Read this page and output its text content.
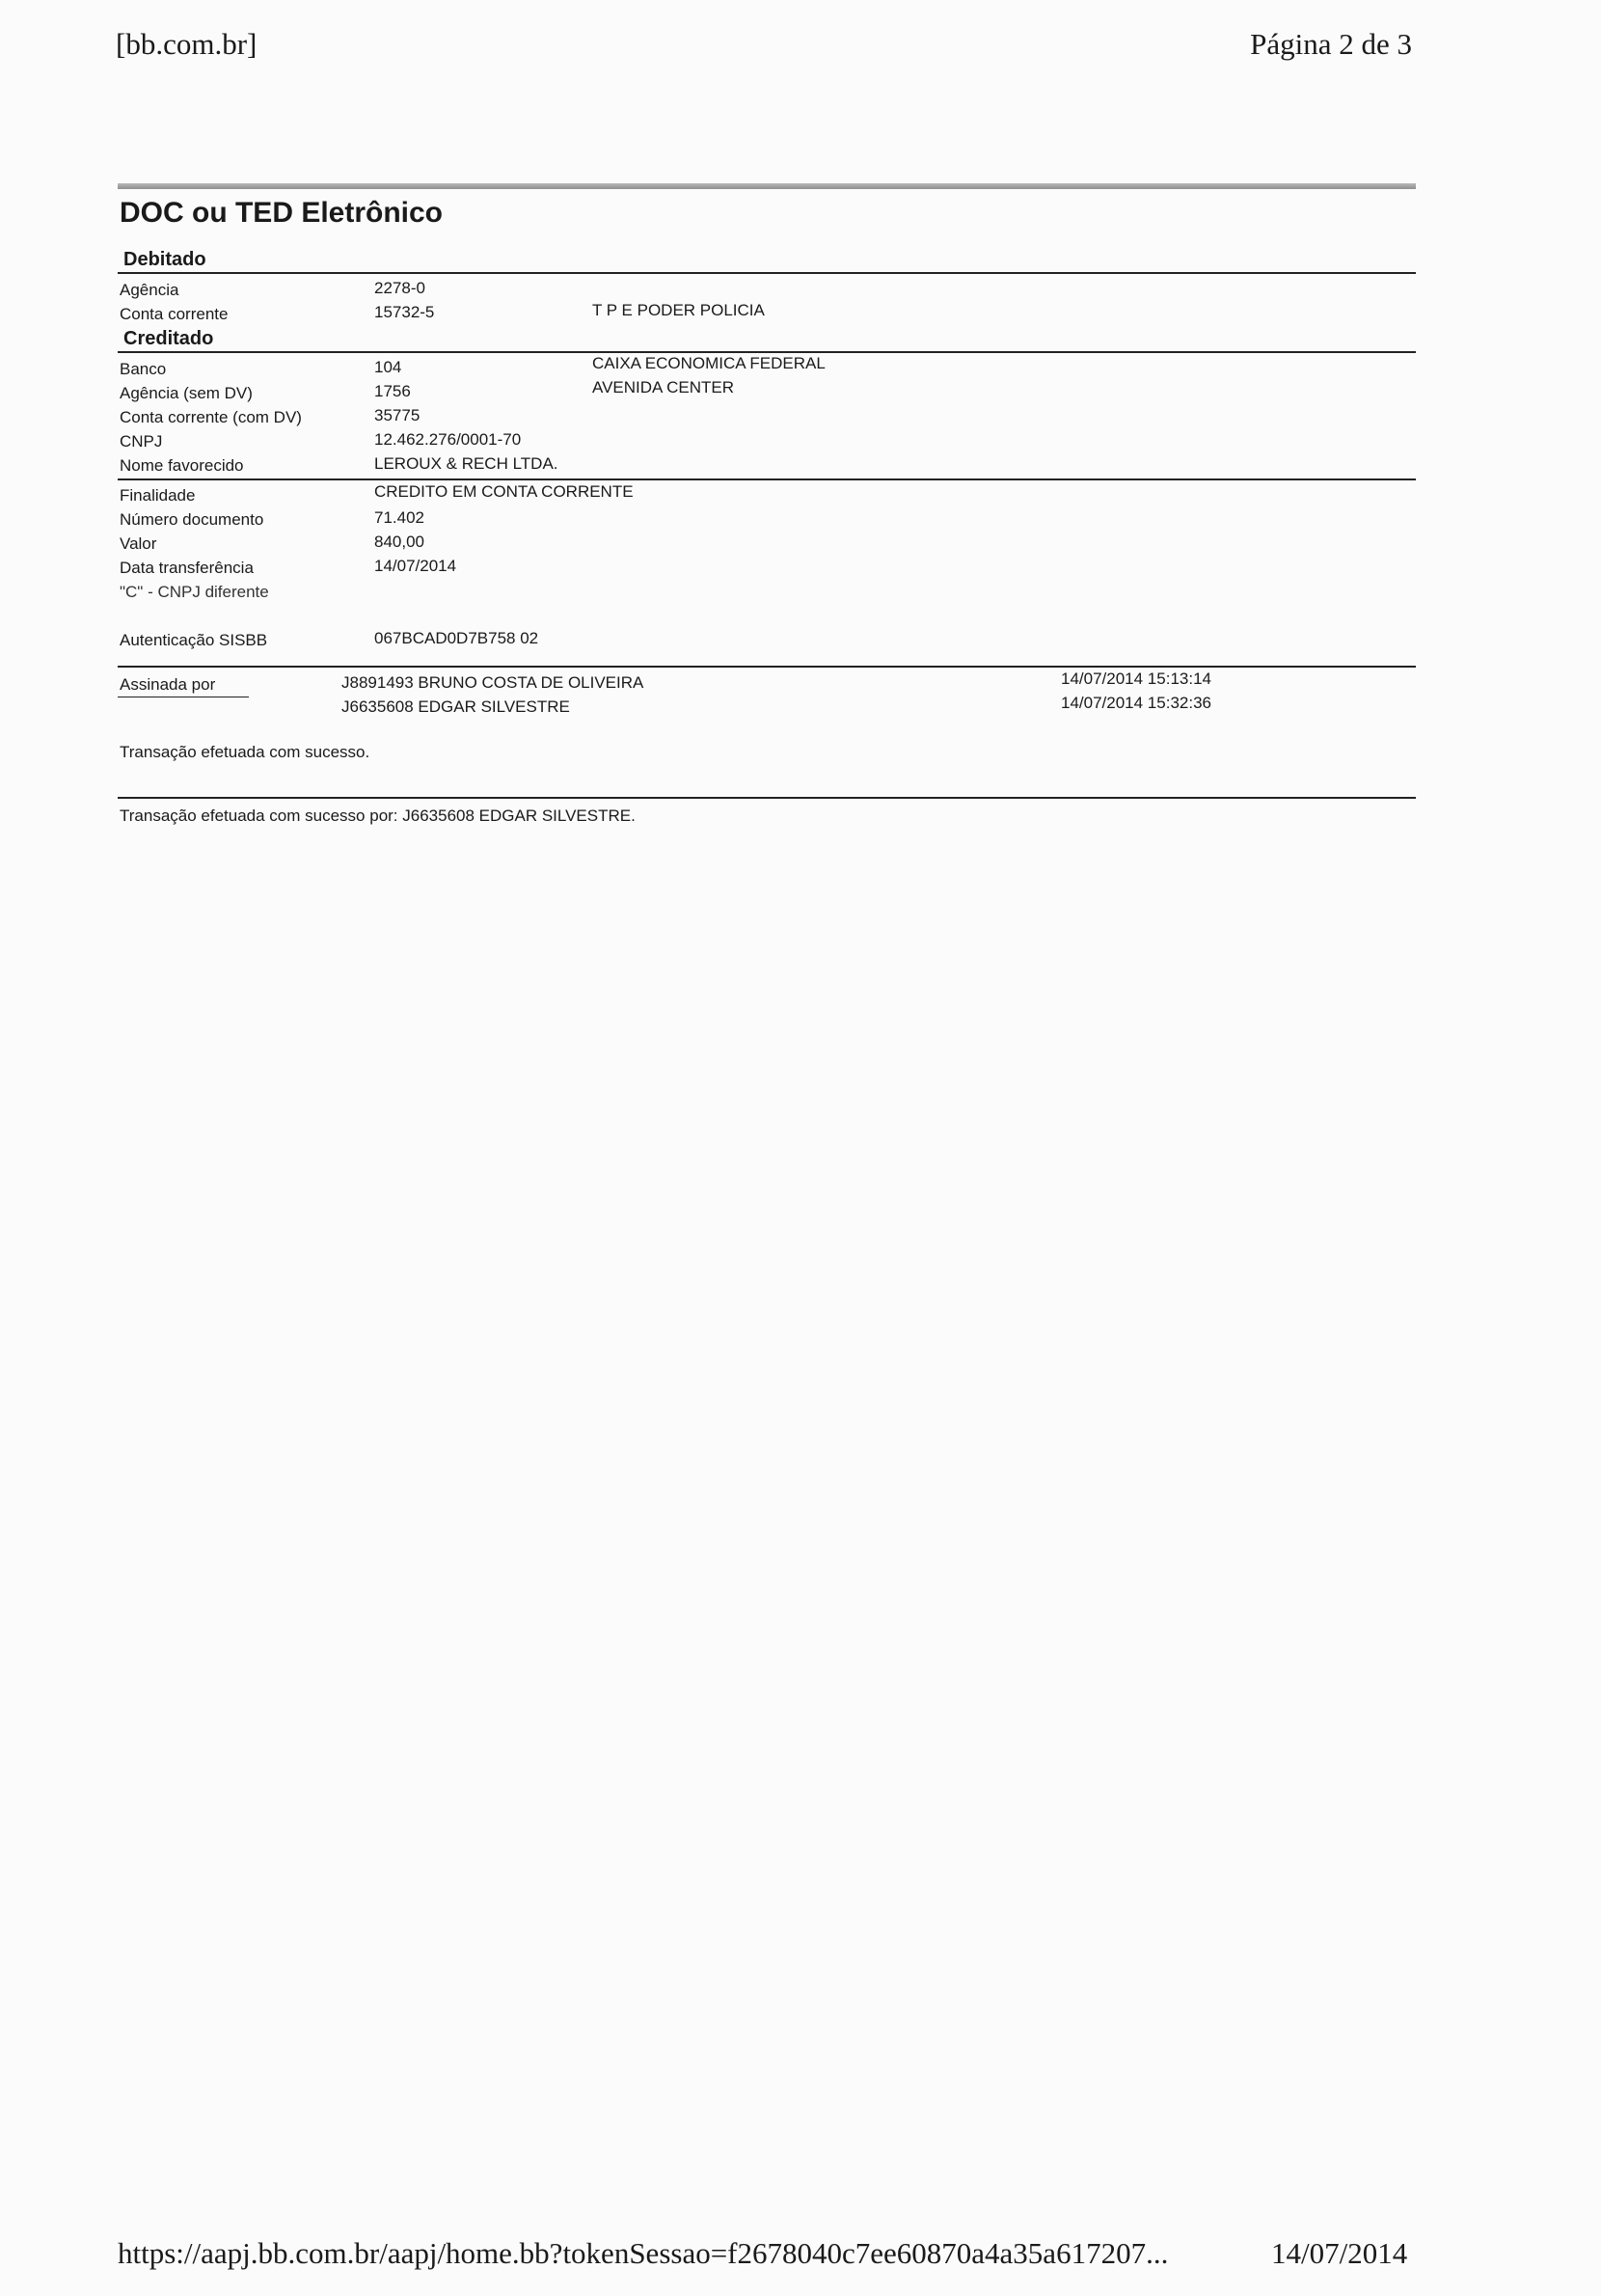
[bb.com.br]	Página 2 de 3
DOC ou TED Eletrônico
Debitado
Agência	2278-0
Conta corrente	15732-5	T P E PODER POLICIA
Creditado
Banco	104	CAIXA ECONOMICA FEDERAL
Agência (sem DV)	1756	AVENIDA CENTER
Conta corrente (com DV)	35775
CNPJ	12.462.276/0001-70
Nome favorecido	LEROUX & RECH LTDA.
Finalidade	CREDITO EM CONTA CORRENTE
Número documento	71.402
Valor	840,00
Data transferência	14/07/2014
"C" - CNPJ diferente
Autenticação SISBB	067BCAD0D7B758 02
Assinada por	J8891493 BRUNO COSTA DE OLIVEIRA	14/07/2014 15:13:14
J6635608 EDGAR SILVESTRE	14/07/2014 15:32:36
Transação efetuada com sucesso.
Transação efetuada com sucesso por: J6635608 EDGAR SILVESTRE.
https://aapj.bb.com.br/aapj/home.bb?tokenSessao=f2678040c7ee60870a4a35a617207...	14/07/2014
